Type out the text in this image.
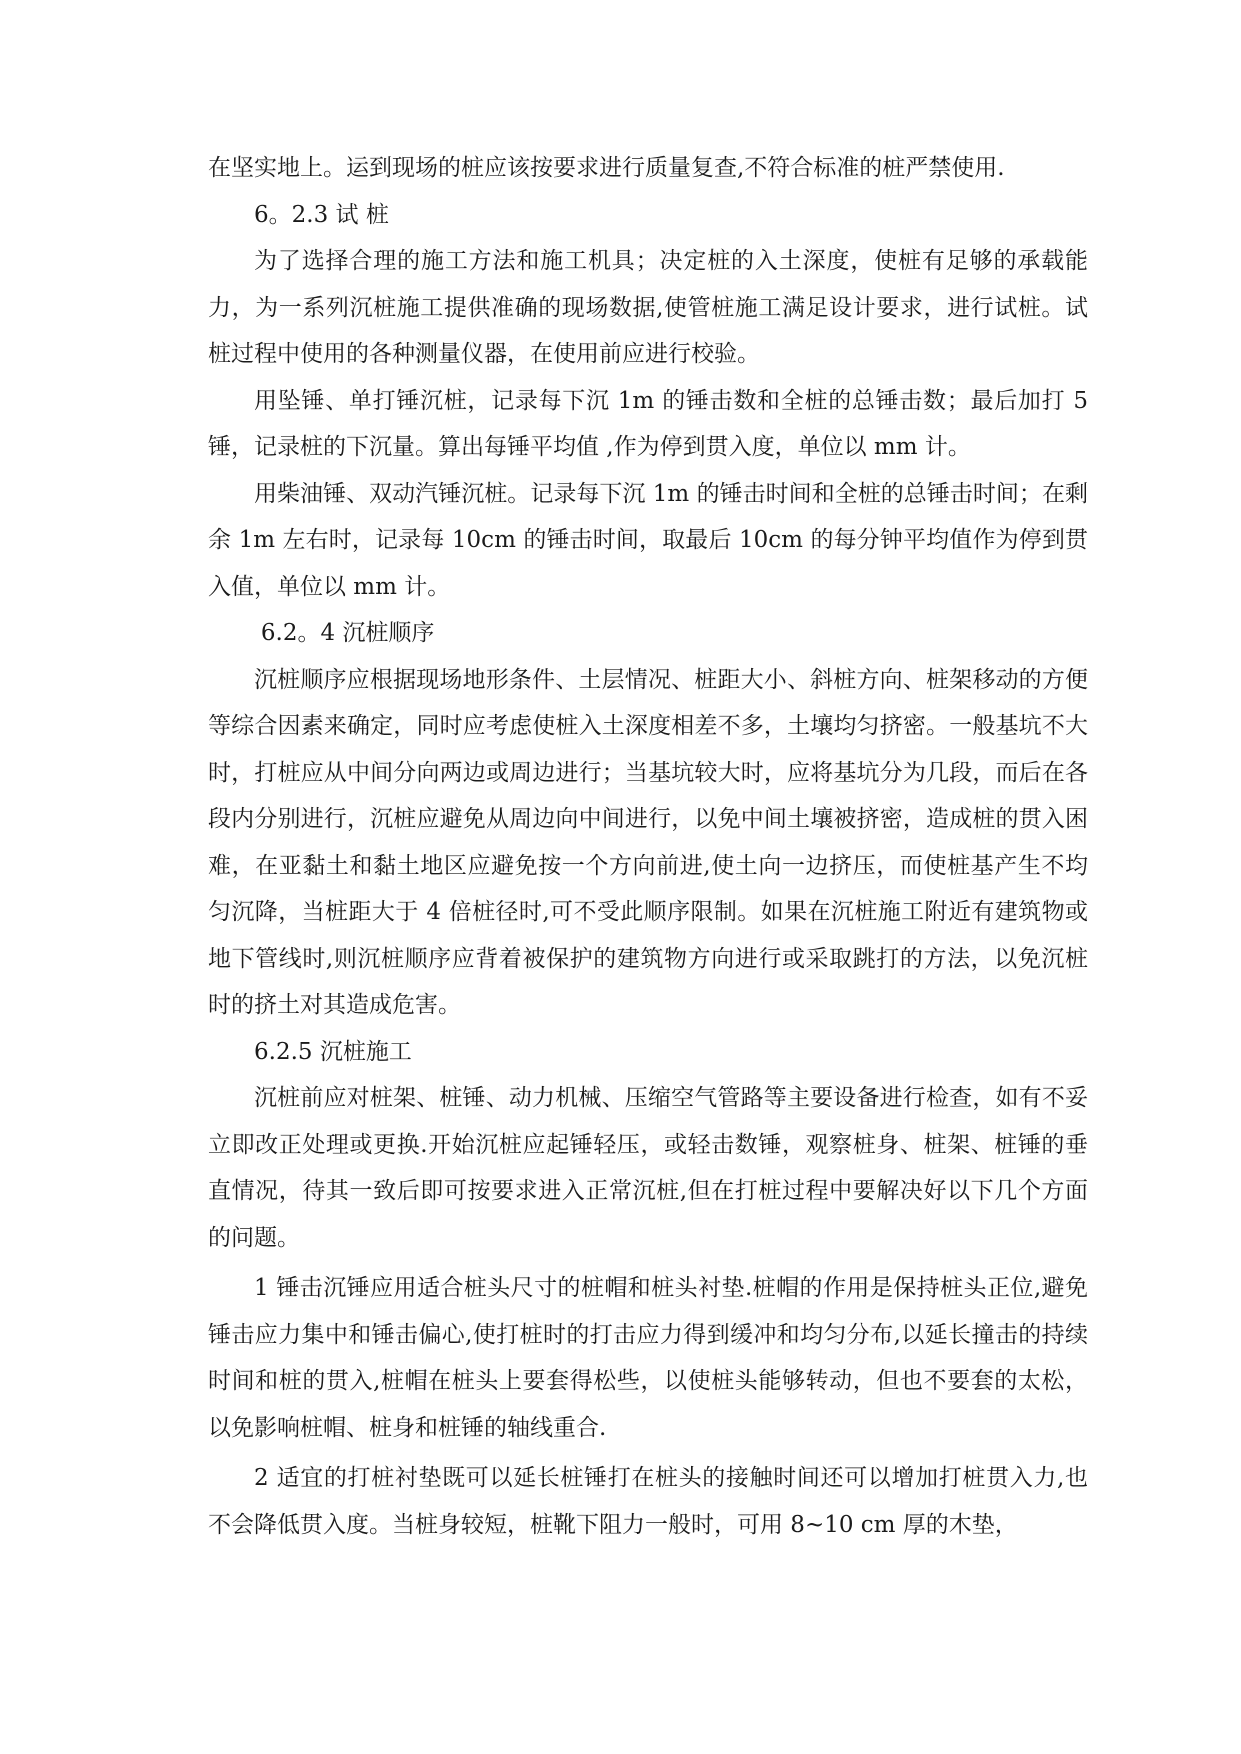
在坚实地上。运到现场的桩应该按要求进行质量复查,不符合标准的桩严禁使用.

6。2.3 试 桩

为了选择合理的施工方法和施工机具；决定桩的入土深度，使桩有足够的承载能力，为一系列沉桩施工提供准确的现场数据,使管桩施工满足设计要求，进行试桩。试桩过程中使用的各种测量仪器，在使用前应进行校验。

用坠锤、单打锤沉桩，记录每下沉 1m 的锤击数和全桩的总锤击数；最后加打 5 锤，记录桩的下沉量。算出每锤平均值 ,作为停到贯入度，单位以 mm 计。

用柴油锤、双动汽锤沉桩。记录每下沉 1m 的锤击时间和全桩的总锤击时间；在剩余 1m 左右时，记录每 10cm 的锤击时间，取最后 10cm 的每分钟平均值作为停到贯入值，单位以 mm 计。

6.2。4 沉桩顺序

沉桩顺序应根据现场地形条件、土层情况、桩距大小、斜桩方向、桩架移动的方便等综合因素来确定，同时应考虑使桩入土深度相差不多，土壤均匀挤密。一般基坑不大时，打桩应从中间分向两边或周边进行；当基坑较大时，应将基坑分为几段，而后在各段内分别进行，沉桩应避免从周边向中间进行，以免中间土壤被挤密，造成桩的贯入困难，在亚黏土和黏土地区应避免按一个方向前进,使土向一边挤压，而使桩基产生不均匀沉降，当桩距大于 4 倍桩径时,可不受此顺序限制。如果在沉桩施工附近有建筑物或地下管线时,则沉桩顺序应背着被保护的建筑物方向进行或采取跳打的方法，以免沉桩时的挤土对其造成危害。

6.2.5 沉桩施工

沉桩前应对桩架、桩锤、动力机械、压缩空气管路等主要设备进行检查，如有不妥立即改正处理或更换.开始沉桩应起锤轻压，或轻击数锤，观察桩身、桩架、桩锤的垂直情况，待其一致后即可按要求进入正常沉桩,但在打桩过程中要解决好以下几个方面的问题。

1 锤击沉锤应用适合桩头尺寸的桩帽和桩头衬垫.桩帽的作用是保持桩头正位,避免锤击应力集中和锤击偏心,使打桩时的打击应力得到缓冲和均匀分布,以延长撞击的持续时间和桩的贯入,桩帽在桩头上要套得松些，以使桩头能够转动，但也不要套的太松，以免影响桩帽、桩身和桩锤的轴线重合.

2 适宜的打桩衬垫既可以延长桩锤打在桩头的接触时间还可以增加打桩贯入力,也不会降低贯入度。当桩身较短，桩靴下阻力一般时，可用 8~10 cm 厚的木垫，
